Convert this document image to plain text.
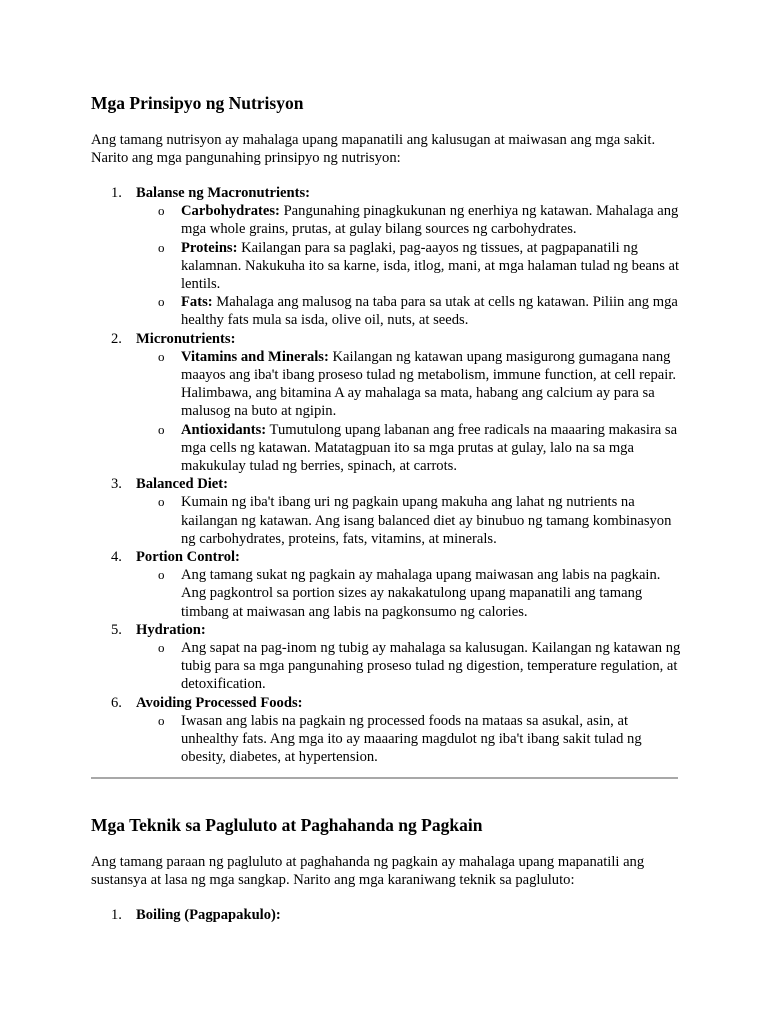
Mga Prinsipyo ng Nutrisyon

Ang tamang nutrisyon ay mahalaga upang mapanatili ang kalusugan at maiwasan ang mga sakit. Narito ang mga pangunahing prinsipyo ng nutrisyon:

1. Balanse ng Macronutrients:
o Carbohydrates: Pangunahing pinagkukunan ng enerhiya ng katawan. Mahalaga ang mga whole grains, prutas, at gulay bilang sources ng carbohydrates.
o Proteins: Kailangan para sa paglaki, pag-aayos ng tissues, at pagpapanatili ng kalamnan. Nakukuha ito sa karne, isda, itlog, mani, at mga halaman tulad ng beans at lentils.
o Fats: Mahalaga ang malusog na taba para sa utak at cells ng katawan. Piliin ang mga healthy fats mula sa isda, olive oil, nuts, at seeds.
2. Micronutrients:
o Vitamins and Minerals: Kailangan ng katawan upang masigurong gumagana nang maayos ang iba't ibang proseso tulad ng metabolism, immune function, at cell repair. Halimbawa, ang bitamina A ay mahalaga sa mata, habang ang calcium ay para sa malusog na buto at ngipin.
o Antioxidants: Tumutulong upang labanan ang free radicals na maaaring makasira sa mga cells ng katawan. Matatagpuan ito sa mga prutas at gulay, lalo na sa mga makukulay tulad ng berries, spinach, at carrots.
3. Balanced Diet:
o Kumain ng iba't ibang uri ng pagkain upang makuha ang lahat ng nutrients na kailangan ng katawan. Ang isang balanced diet ay binubuo ng tamang kombinasyon ng carbohydrates, proteins, fats, vitamins, at minerals.
4. Portion Control:
o Ang tamang sukat ng pagkain ay mahalaga upang maiwasan ang labis na pagkain. Ang pagkontrol sa portion sizes ay nakakatulong upang mapanatili ang tamang timbang at maiwasan ang labis na pagkonsumo ng calories.
5. Hydration:
o Ang sapat na pag-inom ng tubig ay mahalaga sa kalusugan. Kailangan ng katawan ng tubig para sa mga pangunahing proseso tulad ng digestion, temperature regulation, at detoxification.
6. Avoiding Processed Foods:
o Iwasan ang labis na pagkain ng processed foods na mataas sa asukal, asin, at unhealthy fats. Ang mga ito ay maaaring magdulot ng iba't ibang sakit tulad ng obesity, diabetes, at hypertension.
Mga Teknik sa Pagluluto at Paghahanda ng Pagkain

Ang tamang paraan ng pagluluto at paghahanda ng pagkain ay mahalaga upang mapanatili ang sustansya at lasa ng mga sangkap. Narito ang mga karaniwang teknik sa pagluluto:

1. Boiling (Pagpapakulo):
